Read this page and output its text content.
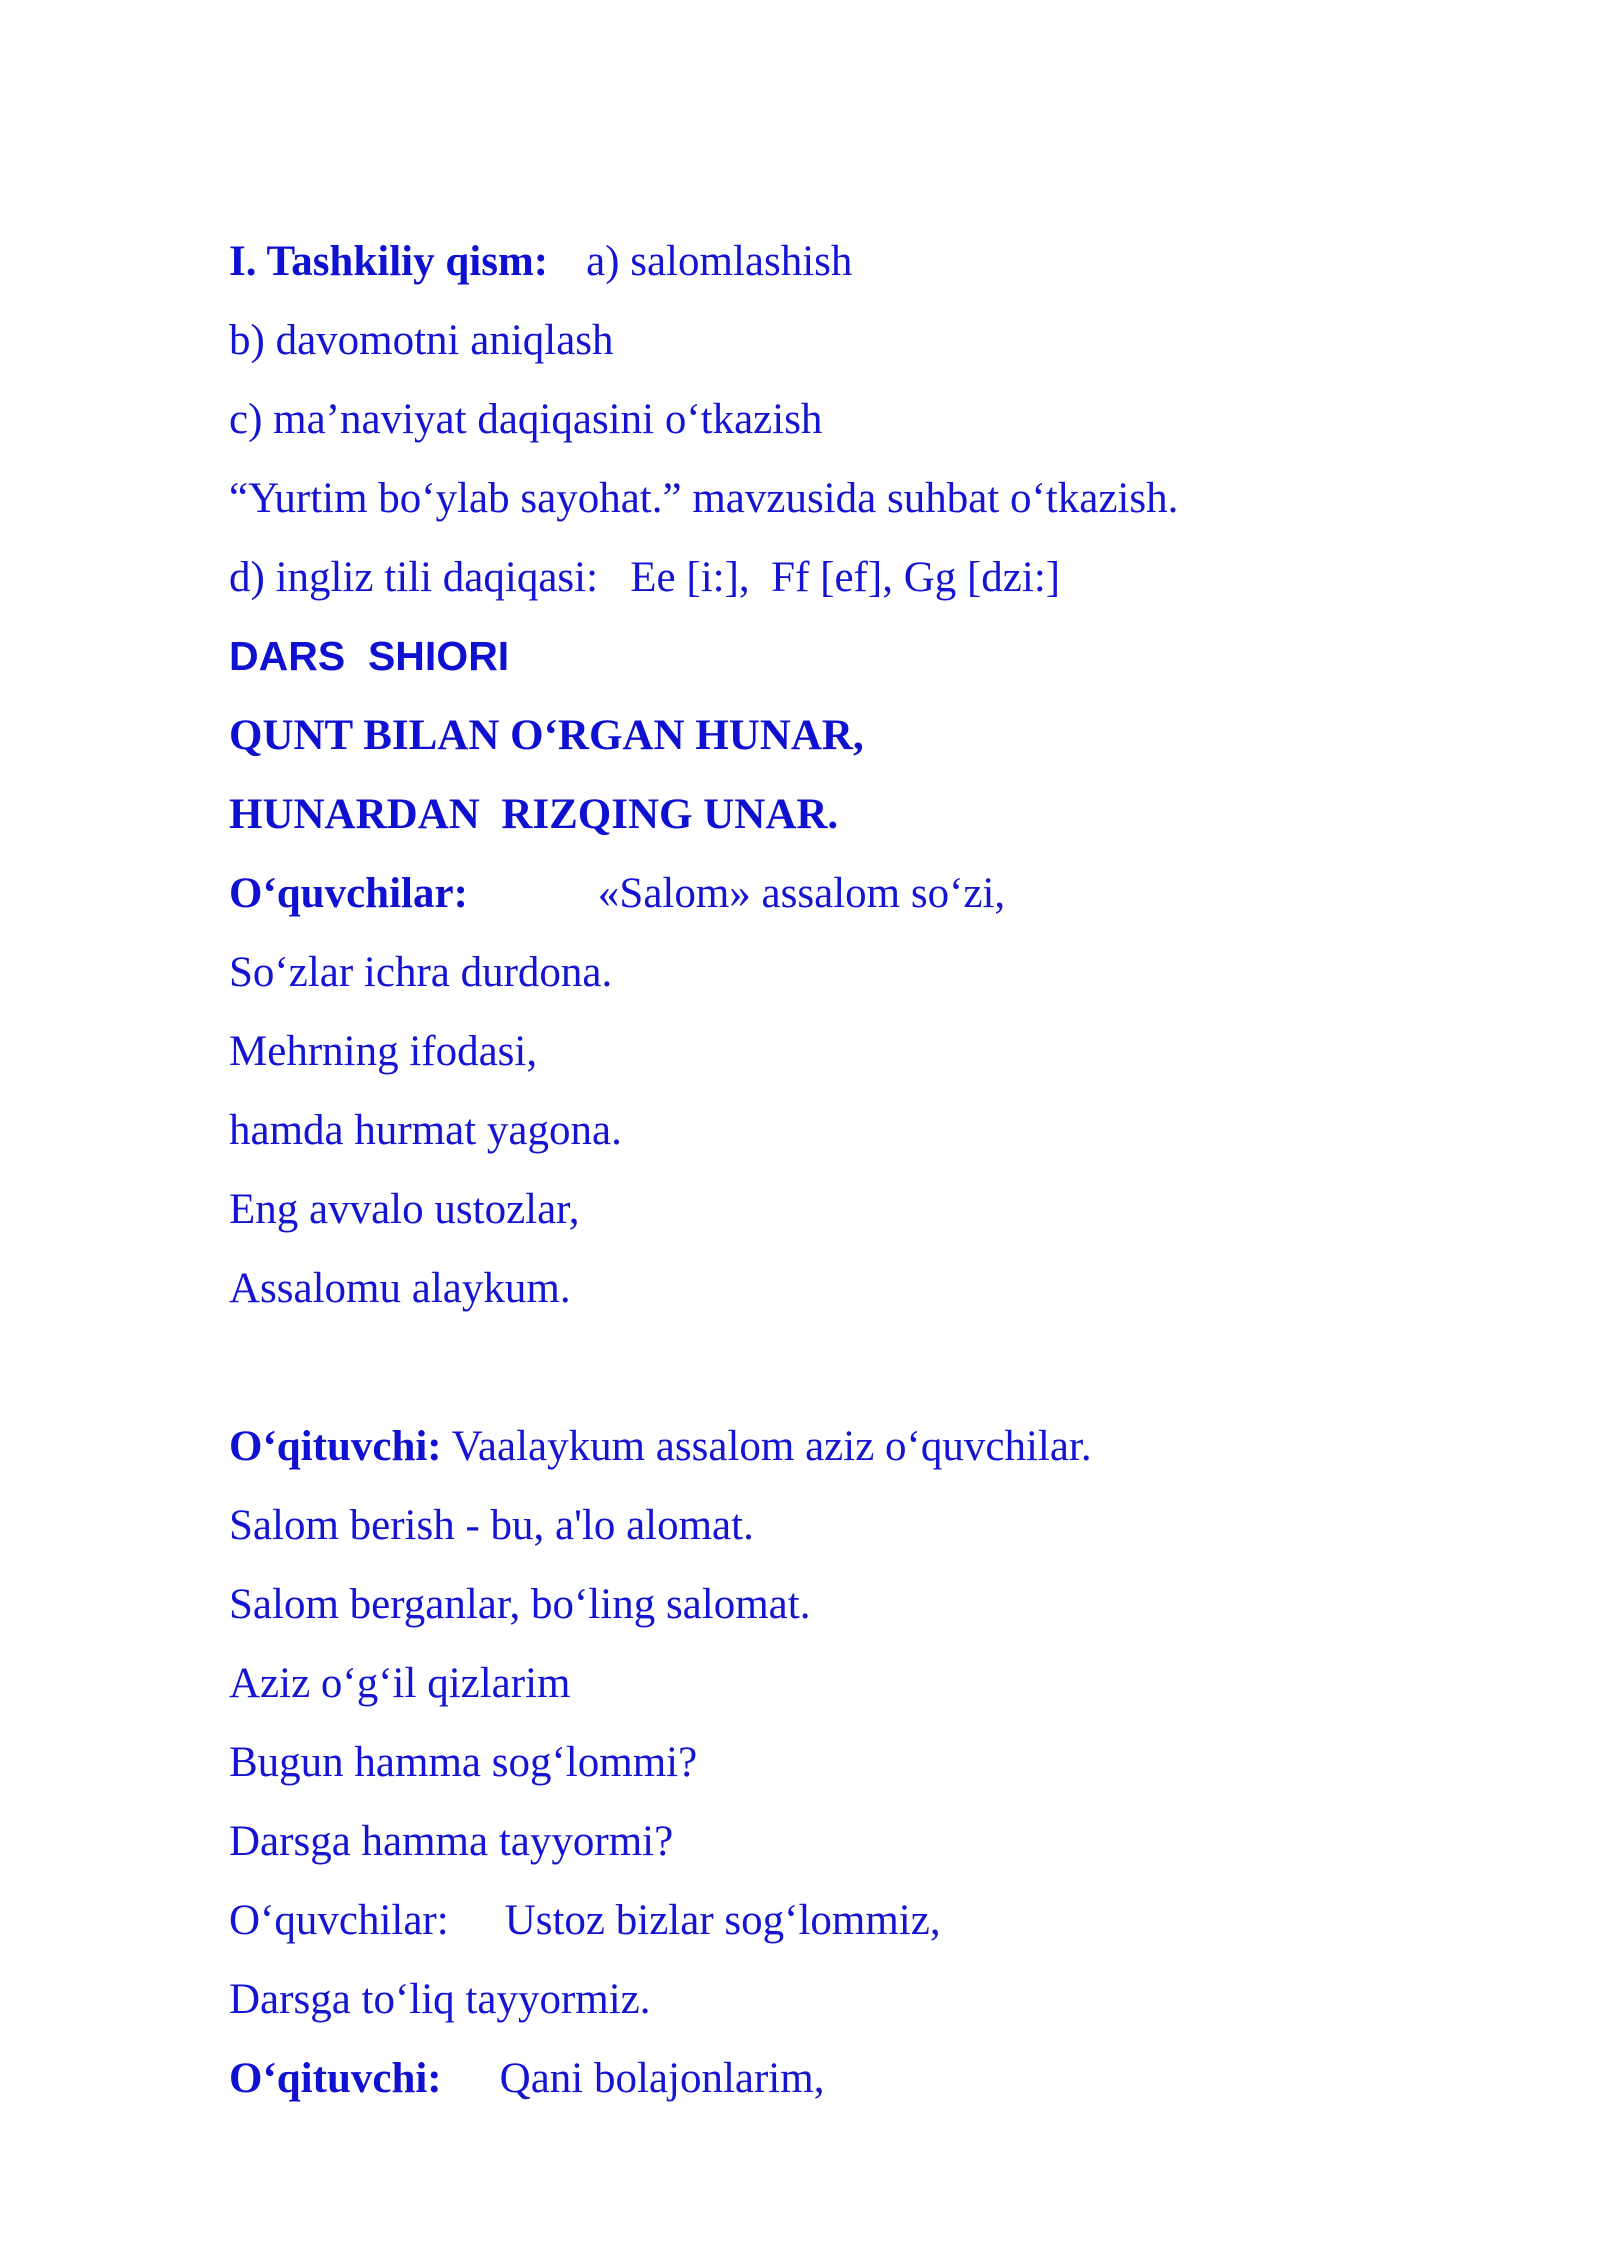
I. Tashkiliy qism: a) salomlashish
b) davomotni aniqlash
c) ma’naviyat daqiqasini o‘tkazish
“Yurtim bo‘ylab sayohat.” mavzusida suhbat o‘tkazish.
d) ingliz tili daqiqasi:   Ee [i:],  Ff [ef], Gg [dzi:]
DARS  SHIORI
QUNT BILAN O‘RGAN HUNAR,
HUNARDAN  RIZQING UNAR.
O‘quvchilar:	«Salom» assalom so‘zi,
So‘zlar ichra durdona.
Mehrning ifodasi,
hamda hurmat yagona.
Eng avvalo ustozlar,
Assalomu alaykum.
O‘qituvchi: Vaalaykum assalom aziz o‘quvchilar.
Salom berish - bu, a'lo alomat.
Salom berganlar, bo‘ling salomat.
Aziz o‘g‘il qizlarim
Bugun hamma sog‘lommi?
Darsga hamma tayyormi?
O‘quvchilar: Ustoz bizlar sog‘lommiz,
Darsga to‘liq tayyormiz.
O‘qituvchi: Qani bolajonlarim,
